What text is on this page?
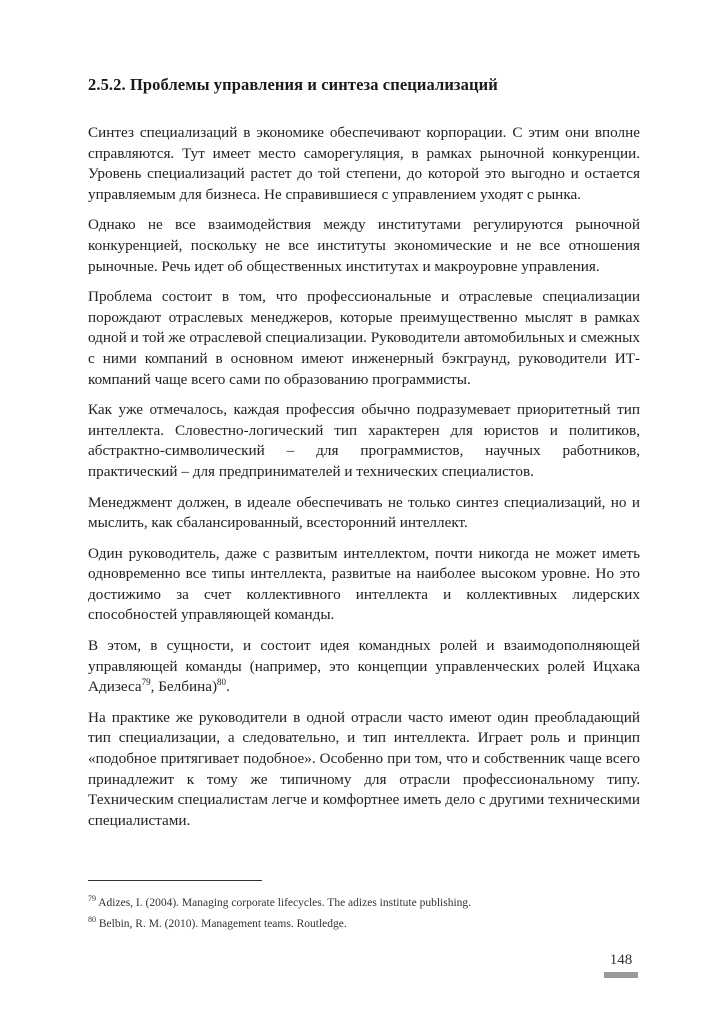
2.5.2. Проблемы управления и синтеза специализаций

Синтез специализаций в экономике обеспечивают корпорации. С этим они вполне справляются. Тут имеет место саморегуляция, в рамках рыночной конкуренции. Уровень специализаций растет до той степени, до которой это выгодно и остается управляемым для бизнеса. Не справившиеся с управлением уходят с рынка.

Однако не все взаимодействия между институтами регулируются рыночной конкуренцией, поскольку не все институты экономические и не все отношения рыночные. Речь идет об общественных институтах и макроуровне управления.

Проблема состоит в том, что профессиональные и отраслевые специализации порождают отраслевых менеджеров, которые преимущественно мыслят в рамках одной и той же отраслевой специализации. Руководители автомобильных и смежных с ними компаний в основном имеют инженерный бэкграунд, руководители ИТ-компаний чаще всего сами по образованию программисты.

Как уже отмечалось, каждая профессия обычно подразумевает приоритетный тип интеллекта. Словестно-логический тип характерен для юристов и политиков, абстрактно-символический – для программистов, научных работников, практический – для предпринимателей и технических специалистов.

Менеджмент должен, в идеале обеспечивать не только синтез специализаций, но и мыслить, как сбалансированный, всесторонний интеллект.

Один руководитель, даже с развитым интеллектом, почти никогда не может иметь одновременно все типы интеллекта, развитые на наиболее высоком уровне. Но это достижимо за счет коллективного интеллекта и коллективных лидерских способностей управляющей команды.

В этом, в сущности, и состоит идея командных ролей и взаимодополняющей управляющей команды (например, это концепции управленческих ролей Ицхака Адизеса$^{79}$, Белбина)$^{80}$.

На практике же руководители в одной отрасли часто имеют один преобладающий тип специализации, а следовательно, и тип интеллекта. Играет роль и принцип «подобное притягивает подобное». Особенно при том, что и собственник чаще всего принадлежит к тому же типичному для отрасли профессиональному типу. Техническим специалистам легче и комфортнее иметь дело с другими техническими специалистами.

$^{79}$ Adizes, I. (2004). Managing corporate lifecycles. The adizes institute publishing.
$^{80}$ Belbin, R. M. (2010). Management teams. Routledge.
148
